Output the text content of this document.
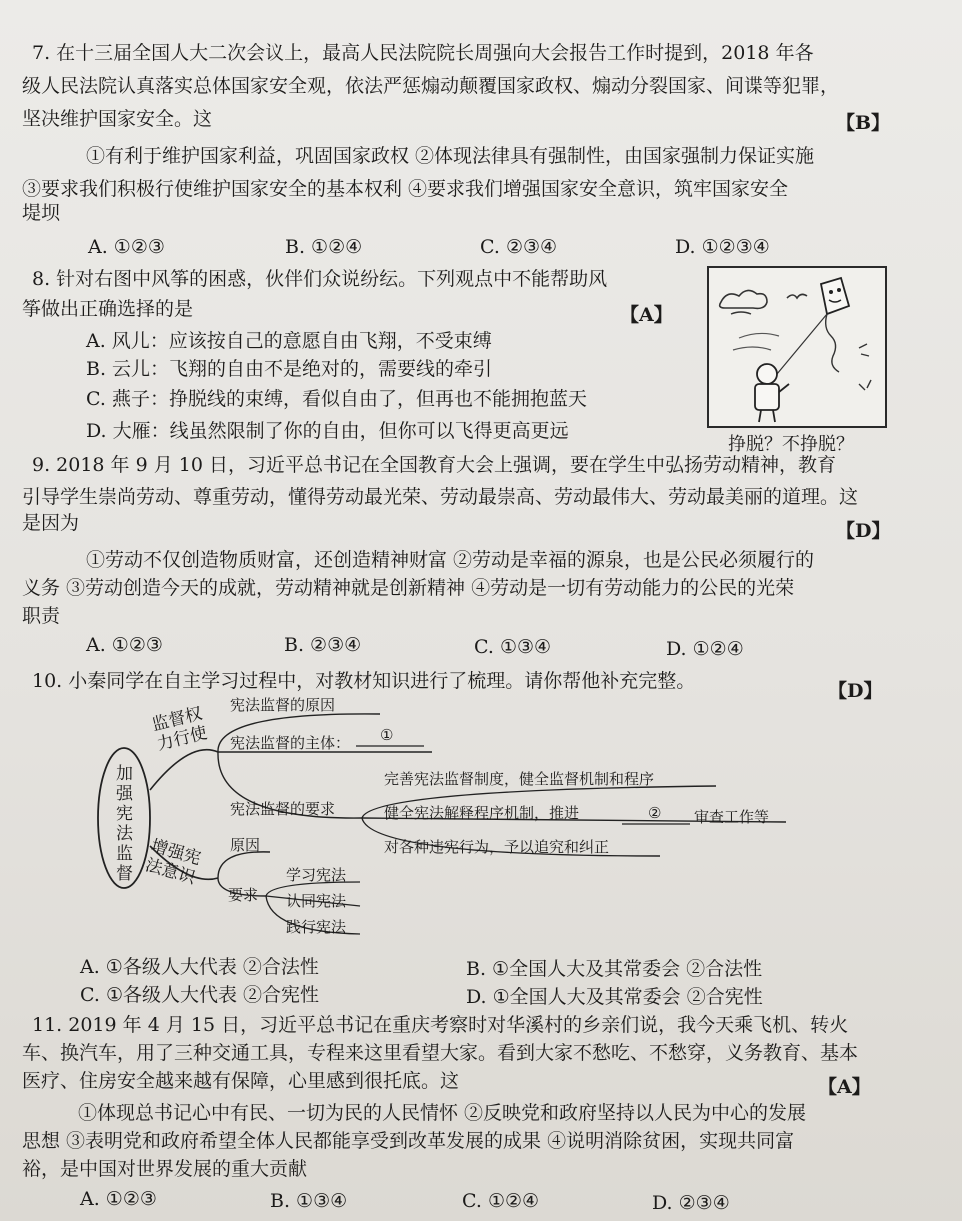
7. 在十三届全国人大二次会议上，最高人民法院院长周强向大会报告工作时提到，2018 年各
级人民法院认真落实总体国家安全观，依法严惩煽动颠覆国家政权、煽动分裂国家、间谍等犯罪，
坚决维护国家安全。这	【B】
①有利于维护国家利益，巩固国家政权 ②体现法律具有强制性，由国家强制力保证实施
③要求我们积极行使维护国家安全的基本权利 ④要求我们增强国家安全意识，筑牢国家安全
堤坝
A. ①②③	B. ①②④	C. ②③④	D. ①②③④
8. 针对右图中风筝的困惑，伙伴们众说纷纭。下列观点中不能帮助风
筝做出正确选择的是	【A】
A. 风儿：应该按自己的意愿自由飞翔，不受束缚
B. 云儿：飞翔的自由不是绝对的，需要线的牵引
C. 燕子：挣脱线的束缚，看似自由了，但再也不能拥抱蓝天
D. 大雁：线虽然限制了你的自由，但你可以飞得更高更远
挣脱？不挣脱？
9. 2018 年 9 月 10 日，习近平总书记在全国教育大会上强调，要在学生中弘扬劳动精神，教育
引导学生崇尚劳动、尊重劳动，懂得劳动最光荣、劳动最崇高、劳动最伟大、劳动最美丽的道理。这
是因为	【D】
①劳动不仅创造物质财富，还创造精神财富 ②劳动是幸福的源泉，也是公民必须履行的
义务 ③劳动创造今天的成就，劳动精神就是创新精神 ④劳动是一切有劳动能力的公民的光荣
职责
A. ①②③	B. ②③④	C. ①③④	D. ①②④
10. 小秦同学在自主学习过程中，对教材知识进行了梳理。请你帮他补充完整。	【D】
加强宪法监督
监督权力行使
增强宪法意识
宪法监督的原因
宪法监督的主体： ①
宪法监督的要求
完善宪法监督制度，健全监督机制和程序
健全宪法解释程序机制，推进	② 审查工作等
对各种违宪行为，予以追究和纠正
原因
要求
学习宪法
认同宪法
践行宪法
A. ①各级人大代表 ②合法性	B. ①全国人大及其常委会 ②合法性
C. ①各级人大代表 ②合宪性	D. ①全国人大及其常委会 ②合宪性
11. 2019 年 4 月 15 日，习近平总书记在重庆考察时对华溪村的乡亲们说，我今天乘飞机、转火
车、换汽车，用了三种交通工具，专程来这里看望大家。看到大家不愁吃、不愁穿，义务教育、基本
医疗、住房安全越来越有保障，心里感到很托底。这	【A】
①体现总书记心中有民、一切为民的人民情怀 ②反映党和政府坚持以人民为中心的发展
思想 ③表明党和政府希望全体人民都能享受到改革发展的成果 ④说明消除贫困，实现共同富
裕，是中国对世界发展的重大贡献
A. ①②③	B. ①③④	C. ①②④	D. ②③④
